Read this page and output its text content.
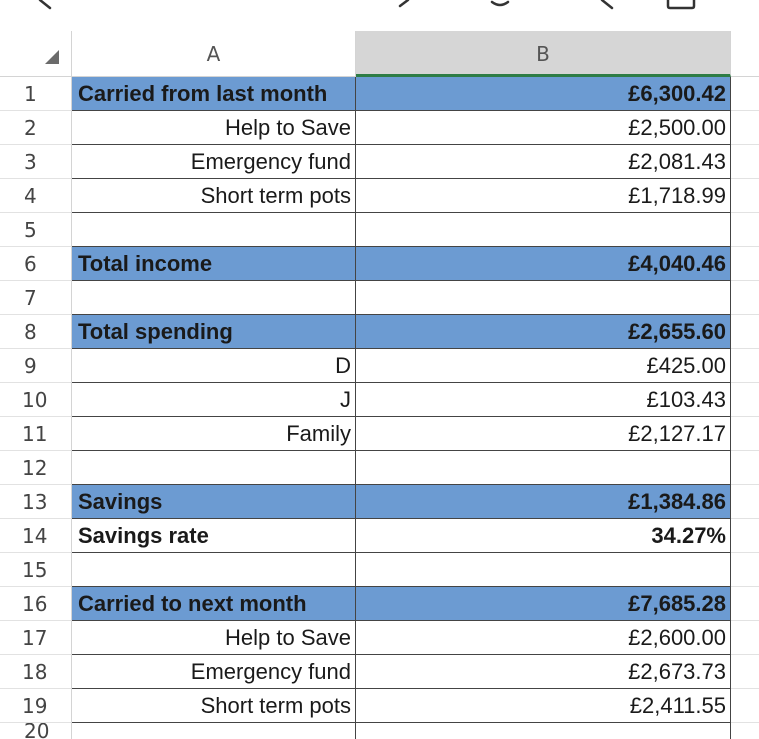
A	B
1	Carried from last month	£6,300.42
2	Help to Save	£2,500.00
3	Emergency fund	£2,081.43
4	Short term pots	£1,718.99
5
6	Total income	£4,040.46
7
8	Total spending	£2,655.60
9	D	£425.00
10	J	£103.43
11	Family	£2,127.17
12
13	Savings	£1,384.86
14	Savings rate	34.27%
15
16	Carried to next month	£7,685.28
17	Help to Save	£2,600.00
18	Emergency fund	£2,673.73
19	Short term pots	£2,411.55
20
